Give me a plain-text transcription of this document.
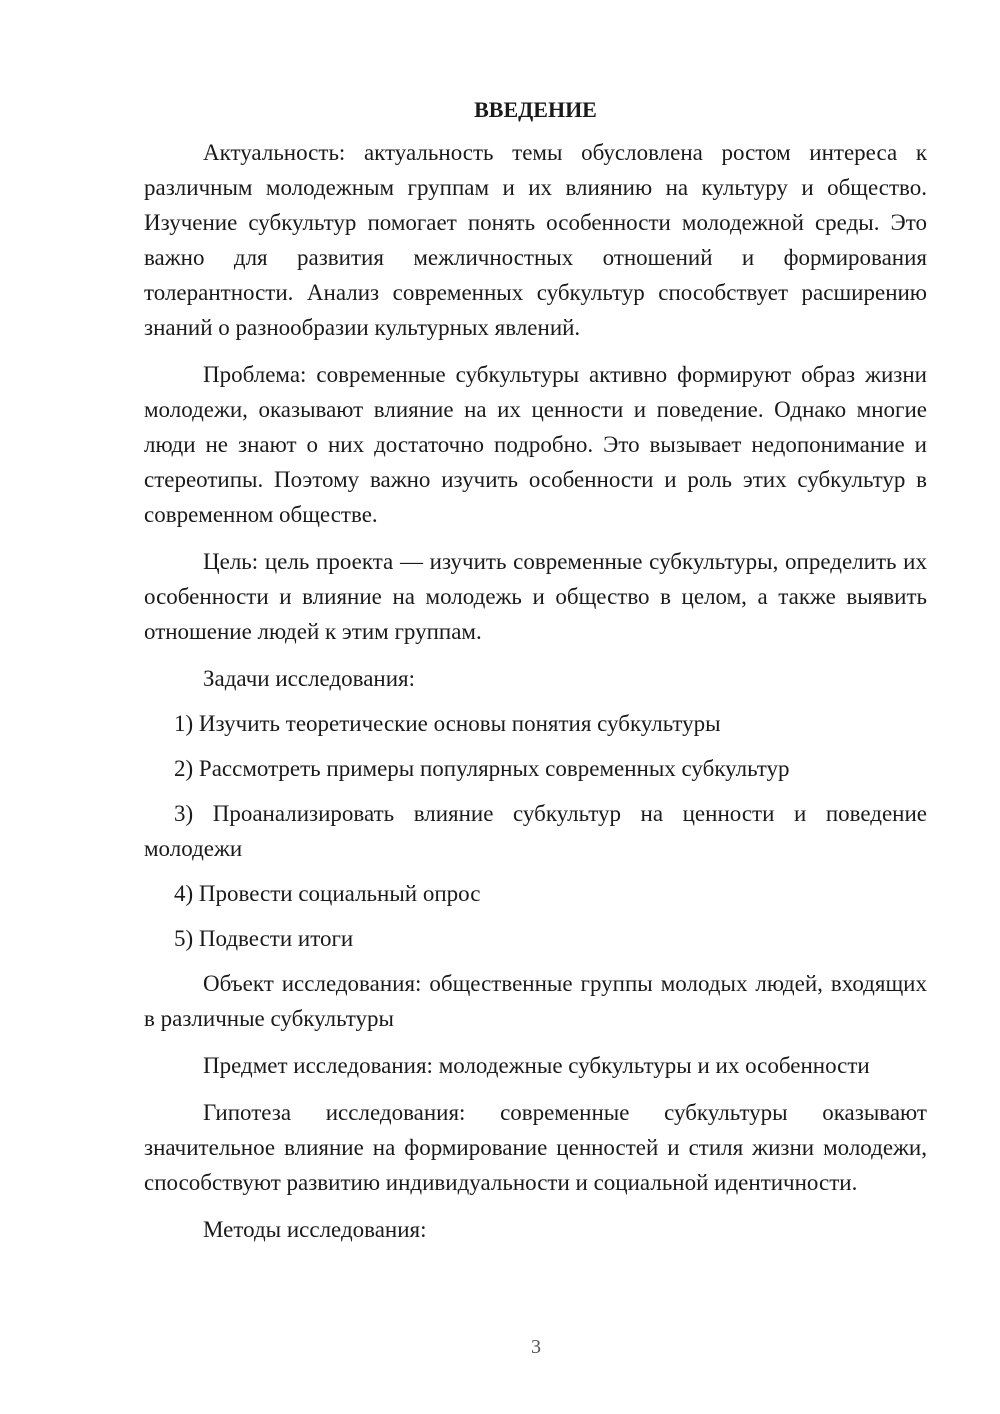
ВВЕДЕНИЕ

Актуальность: актуальность темы обусловлена ростом интереса к различным молодежным группам и их влиянию на культуру и общество. Изучение субкультур помогает понять особенности молодежной среды. Это важно для развития межличностных отношений и формирования толерантности. Анализ современных субкультур способствует расширению знаний о разнообразии культурных явлений.

Проблема: современные субкультуры активно формируют образ жизни молодежи, оказывают влияние на их ценности и поведение. Однако многие люди не знают о них достаточно подробно. Это вызывает недопонимание и стереотипы. Поэтому важно изучить особенности и роль этих субкультур в современном обществе.

Цель: цель проекта — изучить современные субкультуры, определить их особенности и влияние на молодежь и общество в целом, а также выявить отношение людей к этим группам.

Задачи исследования:

1) Изучить теоретические основы понятия субкультуры

2) Рассмотреть примеры популярных современных субкультур

3) Проанализировать влияние субкультур на ценности и поведение молодежи

4) Провести социальный опрос

5) Подвести итоги

Объект исследования: общественные группы молодых людей, входящих в различные субкультуры

Предмет исследования: молодежные субкультуры и их особенности

Гипотеза исследования: современные субкультуры оказывают значительное влияние на формирование ценностей и стиля жизни молодежи, способствуют развитию индивидуальности и социальной идентичности.

Методы исследования:

3
